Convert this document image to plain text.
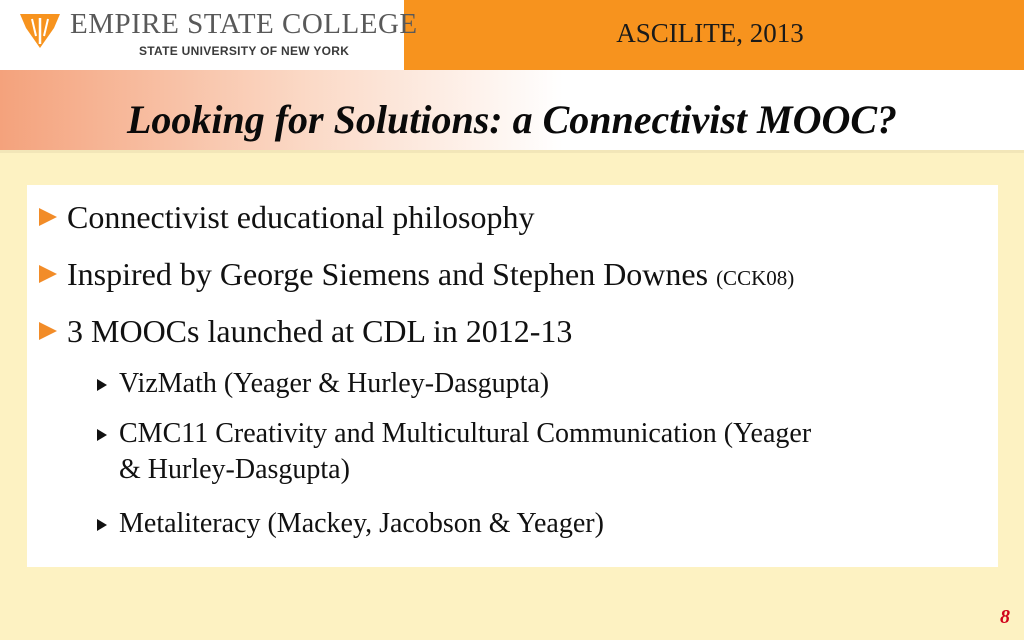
EMPIRE STATE COLLEGE
STATE UNIVERSITY OF NEW YORK
ASCILITE, 2013
Looking for Solutions: a Connectivist MOOC?
Connectivist educational philosophy
Inspired by George Siemens and Stephen Downes (CCK08)
3 MOOCs launched at CDL in 2012-13
VizMath (Yeager & Hurley-Dasgupta)
CMC11 Creativity and Multicultural Communication (Yeager
& Hurley-Dasgupta)
Metaliteracy (Mackey, Jacobson & Yeager)
8
